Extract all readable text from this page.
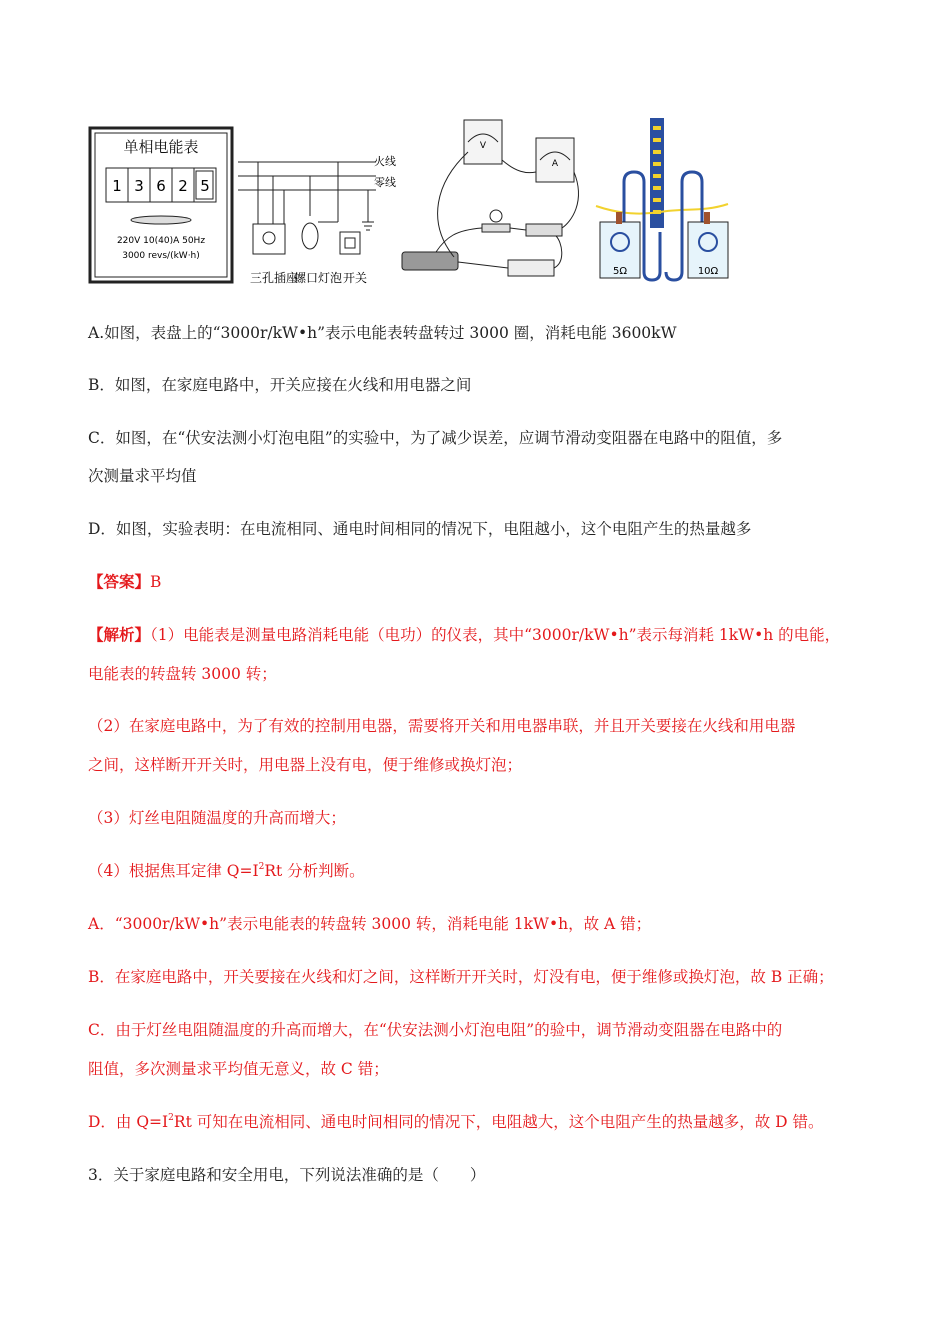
单相电能表
1 3 6 2 5
220V 10(40)A 50Hz
3000 revs/(kW·h)
火线
零线
三孔插座
螺口灯泡 开关
V
A
5Ω	10Ω
A.如图，表盘上的“3000r/kW•h”表示电能表转盘转过 3000 圈，消耗电能 3600kW
B．如图，在家庭电路中，开关应接在火线和用电器之间
C．如图，在“伏安法测小灯泡电阻”的实验中，为了减少误差，应调节滑动变阻器在电路中的阻值，多
次测量求平均值
D．如图，实验表明：在电流相同、通电时间相同的情况下，电阻越小，这个电阻产生的热量越多
【答案】B
【解析】（1）电能表是测量电路消耗电能（电功）的仪表，其中“3000r/kW•h”表示每消耗 1kW•h 的电能，
电能表的转盘转 3000 转；
（2）在家庭电路中，为了有效的控制用电器，需要将开关和用电器串联，并且开关要接在火线和用电器
之间，这样断开开关时，用电器上没有电，便于维修或换灯泡；
（3）灯丝电阻随温度的升高而增大；
（4）根据焦耳定律 $Q=I^2Rt$ 分析判断。
A．“3000r/kW•h”表示电能表的转盘转 3000 转，消耗电能 1kW•h，故 A 错；
B．在家庭电路中，开关要接在火线和灯之间，这样断开开关时，灯没有电，便于维修或换灯泡，故 B 正确；
C．由于灯丝电阻随温度的升高而增大，在“伏安法测小灯泡电阻”的验中，调节滑动变阻器在电路中的
阻值，多次测量求平均值无意义，故 C 错；
D．由 $Q=I^2Rt$ 可知在电流相同、通电时间相同的情况下，电阻越大，这个电阻产生的热量越多，故 D 错。
3．关于家庭电路和安全用电，下列说法准确的是（　　）
